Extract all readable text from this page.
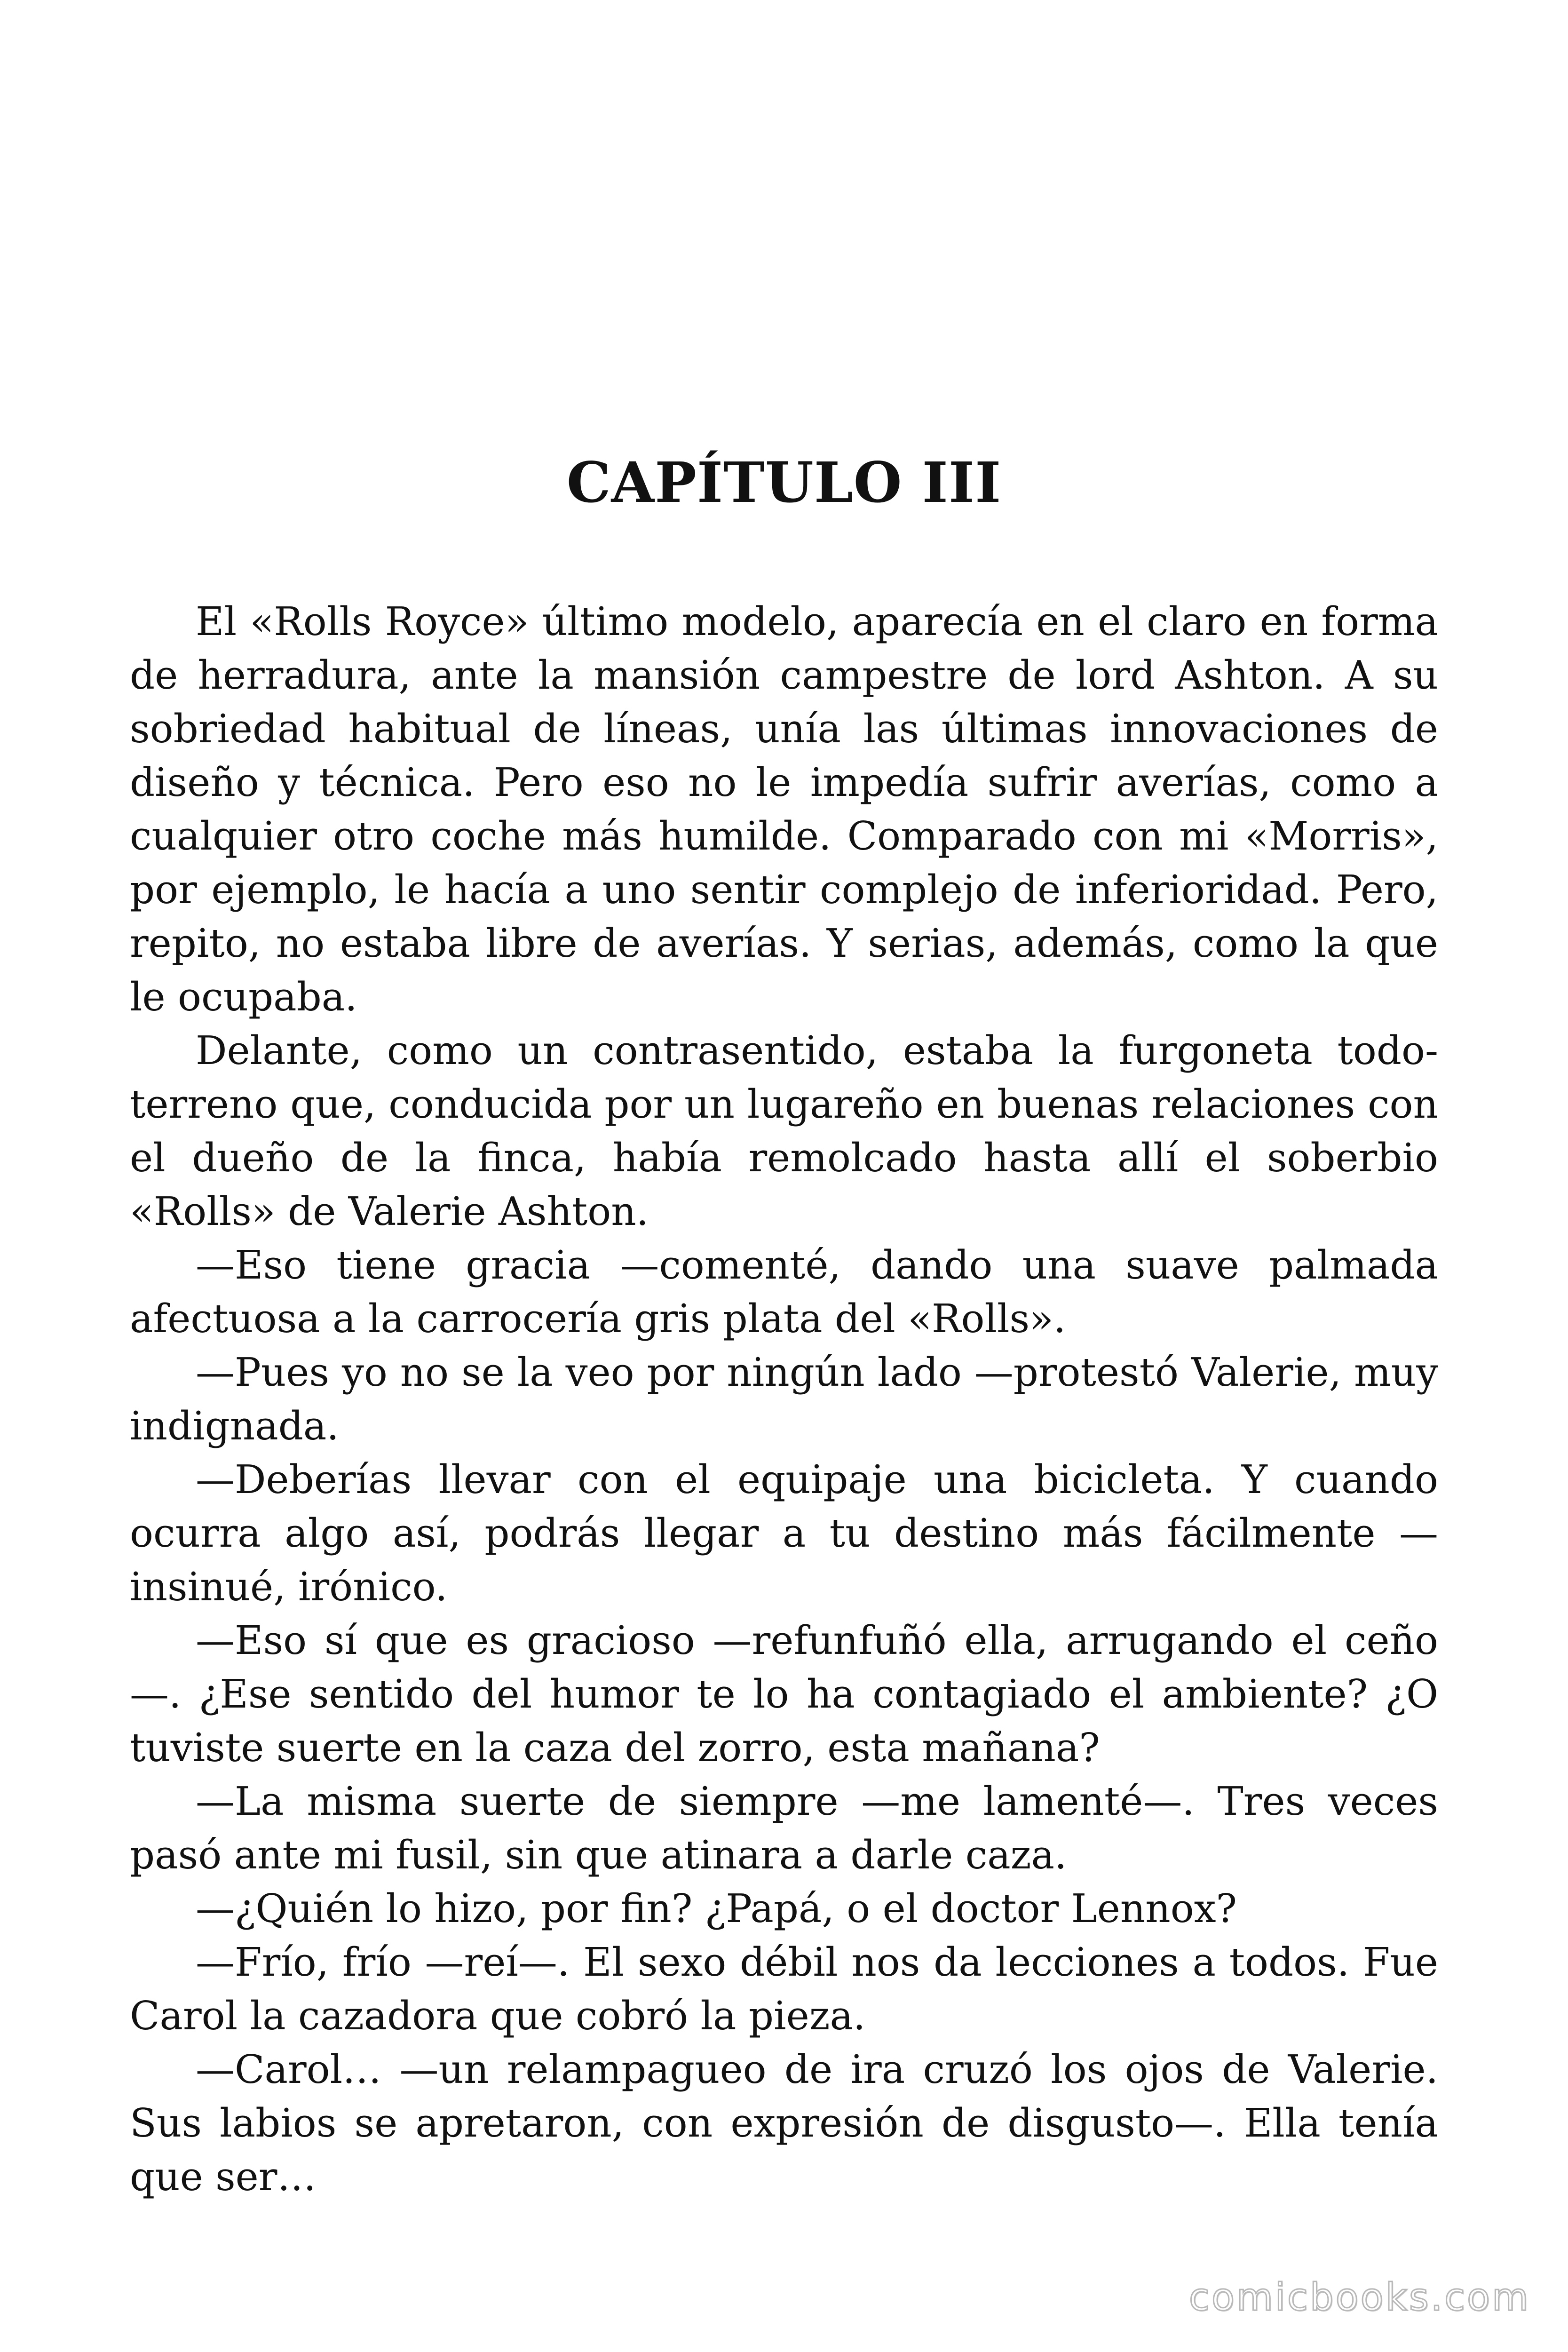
CAPÍTULO III

El «Rolls Royce» último modelo, aparecía en el claro en forma de herradura, ante la mansión campestre de lord Ashton. A su sobriedad habitual de líneas, unía las últimas innovaciones de diseño y técnica. Pero eso no le impedía sufrir averías, como a cualquier otro coche más humilde. Comparado con mi «Morris», por ejemplo, le hacía a uno sentir complejo de inferioridad. Pero, repito, no estaba libre de averías. Y serias, además, como la que le ocupaba.

Delante, como un contrasentido, estaba la furgoneta todo-terreno que, conducida por un lugareño en buenas relaciones con el dueño de la finca, había remolcado hasta allí el soberbio «Rolls» de Valerie Ashton.

—Eso tiene gracia —comenté, dando una suave palmada afectuosa a la carrocería gris plata del «Rolls».

—Pues yo no se la veo por ningún lado —protestó Valerie, muy indignada.

—Deberías llevar con el equipaje una bicicleta. Y cuando ocurra algo así, podrás llegar a tu destino más fácilmente —insinué, irónico.

—Eso sí que es gracioso —refunfuñó ella, arrugando el ceño—. ¿Ese sentido del humor te lo ha contagiado el ambiente? ¿O tuviste suerte en la caza del zorro, esta mañana?

—La misma suerte de siempre —me lamenté—. Tres veces pasó ante mi fusil, sin que atinara a darle caza.

—¿Quién lo hizo, por fin? ¿Papá, o el doctor Lennox?

—Frío, frío —reí—. El sexo débil nos da lecciones a todos. Fue Carol la cazadora que cobró la pieza.

—Carol… —un relampagueo de ira cruzó los ojos de Valerie. Sus labios se apretaron, con expresión de disgusto—. Ella tenía que ser…

comicbooks.com
